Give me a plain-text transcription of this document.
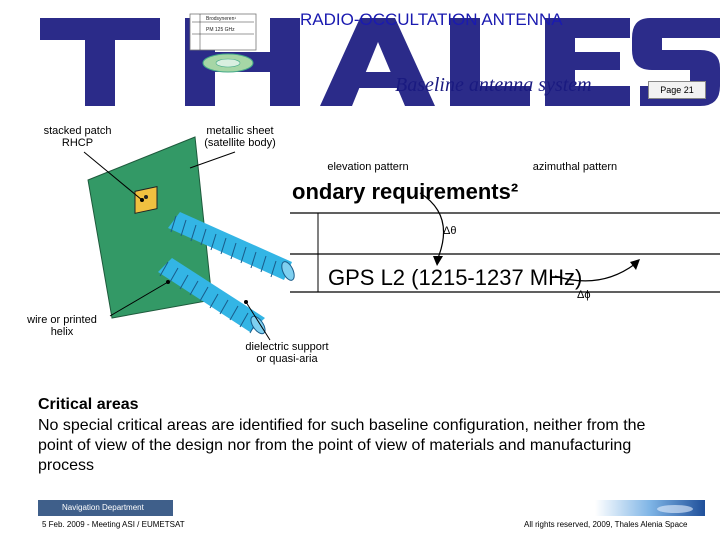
Brodsyneren¹
PM 125 GHz
RADIO-OCCULTATION ANTENNA
Baseline antenna system	Page 21
ondary requirements²
GPS L2 (1215-1237 MHz)
Δθ
Δϕ
stacked patch
RHCP
metallic sheet
(satellite body)
elevation pattern	azimuthal pattern
wire or printed
helix
dielectric support
or quasi-aria
Critical areas
No special critical areas are identified for such baseline configuration, neither from the point of view of the design nor from the point of view of materials and manufacturing process
Navigation Department
5 Feb. 2009 - Meeting ASI / EUMETSAT	All rights reserved, 2009, Thales Alenia Space
